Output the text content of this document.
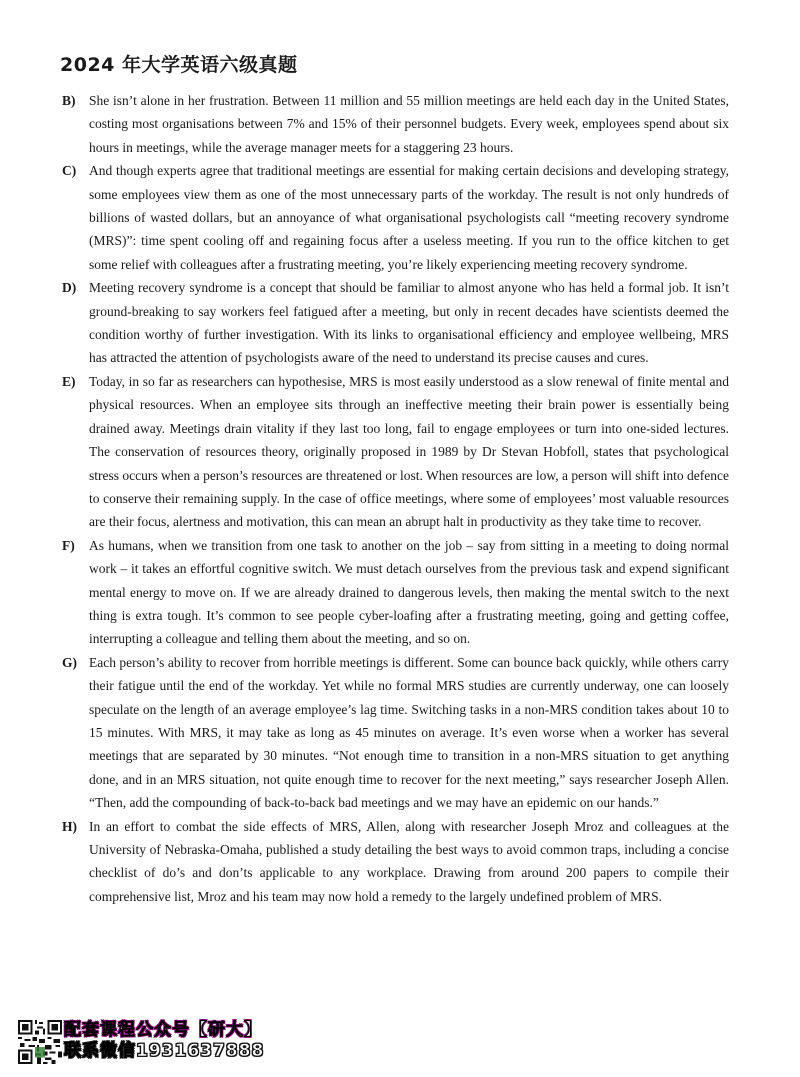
2024 年大学英语六级真题

B) She isn’t alone in her frustration. Between 11 million and 55 million meetings are held each day in the United States, costing most organisations between 7% and 15% of their personnel budgets. Every week, employees spend about six hours in meetings, while the average manager meets for a staggering 23 hours.

C) And though experts agree that traditional meetings are essential for making certain decisions and developing strategy, some employees view them as one of the most unnecessary parts of the workday. The result is not only hundreds of billions of wasted dollars, but an annoyance of what organisational psychologists call “meeting recovery syndrome (MRS)”: time spent cooling off and regaining focus after a useless meeting. If you run to the office kitchen to get some relief with colleagues after a frustrating meeting, you’re likely experiencing meeting recovery syndrome.

D) Meeting recovery syndrome is a concept that should be familiar to almost anyone who has held a formal job. It isn’t ground-breaking to say workers feel fatigued after a meeting, but only in recent decades have scientists deemed the condition worthy of further investigation. With its links to organisational efficiency and employee wellbeing, MRS has attracted the attention of psychologists aware of the need to understand its precise causes and cures.

E) Today, in so far as researchers can hypothesise, MRS is most easily understood as a slow renewal of finite mental and physical resources. When an employee sits through an ineffective meeting their brain power is essentially being drained away. Meetings drain vitality if they last too long, fail to engage employees or turn into one-sided lectures. The conservation of resources theory, originally proposed in 1989 by Dr Stevan Hobfoll, states that psychological stress occurs when a person’s resources are threatened or lost. When resources are low, a person will shift into defence to conserve their remaining supply. In the case of office meetings, where some of employees’ most valuable resources are their focus, alertness and motivation, this can mean an abrupt halt in productivity as they take time to recover.

F) As humans, when we transition from one task to another on the job – say from sitting in a meeting to doing normal work – it takes an effortful cognitive switch. We must detach ourselves from the previous task and expend significant mental energy to move on. If we are already drained to dangerous levels, then making the mental switch to the next thing is extra tough. It’s common to see people cyber-loafing after a frustrating meeting, going and getting coffee, interrupting a colleague and telling them about the meeting, and so on.

G) Each person’s ability to recover from horrible meetings is different. Some can bounce back quickly, while others carry their fatigue until the end of the workday. Yet while no formal MRS studies are currently underway, one can loosely speculate on the length of an average employee’s lag time. Switching tasks in a non-MRS condition takes about 10 to 15 minutes. With MRS, it may take as long as 45 minutes on average. It’s even worse when a worker has several meetings that are separated by 30 minutes. “Not enough time to transition in a non-MRS situation to get anything done, and in an MRS situation, not quite enough time to recover for the next meeting,” says researcher Joseph Allen. “Then, add the compounding of back-to-back bad meetings and we may have an epidemic on our hands.”

H) In an effort to combat the side effects of MRS, Allen, along with researcher Joseph Mroz and colleagues at the University of Nebraska-Omaha, published a study detailing the best ways to avoid common traps, including a concise checklist of do’s and don’ts applicable to any workplace. Drawing from around 200 papers to compile their comprehensive list, Mroz and his team may now hold a remedy to the largely undefined problem of MRS.

配套课程公众号【研大】
联系微信1931637888
